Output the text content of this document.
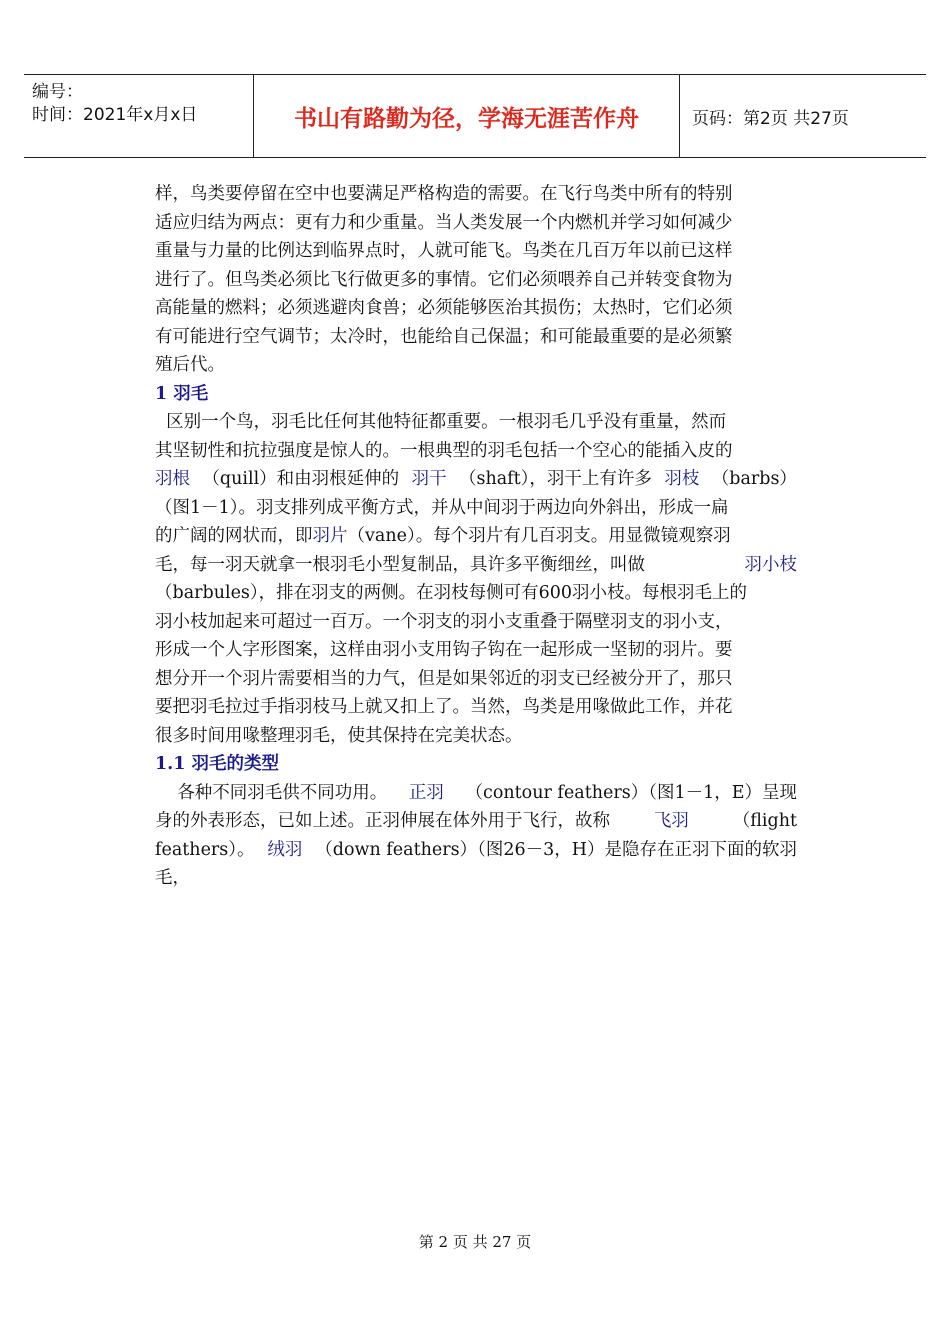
编号：
时间：2021年x月x日	书山有路勤为径，学海无涯苦作舟	页码：第2页 共27页
样，鸟类要停留在空中也要满足严格构造的需要。在飞行鸟类中所有的特别
适应归结为两点：更有力和少重量。当人类发展一个内燃机并学习如何减少
重量与力量的比例达到临界点时，人就可能飞。鸟类在几百万年以前已这样
进行了。但鸟类必须比飞行做更多的事情。它们必须喂养自己并转变食物为
高能量的燃料；必须逃避肉食兽；必须能够医治其损伤；太热时，它们必须
有可能进行空气调节；太冷时，也能给自己保温；和可能最重要的是必须繁
殖后代。
1 羽毛
区别一个鸟，羽毛比任何其他特征都重要。一根羽毛几乎没有重量，然而
其坚韧性和抗拉强度是惊人的。一根典型的羽毛包括一个空心的能插入皮的
羽根 （quill）和由羽根延伸的 羽干 （shaft），羽干上有许多 羽枝 （barbs）
（图1－1）。羽支排列成平衡方式，并从中间羽于两边向外斜出，形成一扁
的广阔的网状而，即 羽片 （vane）。每个羽片有几百羽支。用显微镜观察羽
毛，每一羽天就拿一根羽毛小型复制品，具许多平衡细丝，叫做	羽小枝
（barbules），排在羽支的两侧。在羽枝每侧可有600羽小枝。每根羽毛上的
羽小枝加起来可超过一百万。一个羽支的羽小支重叠于隔壁羽支的羽小支，
形成一个人字形图案，这样由羽小支用钩子钩在一起形成一坚韧的羽片。要
想分开一个羽片需要相当的力气，但是如果邻近的羽支已经被分开了，那只
要把羽毛拉过手指羽枝马上就又扣上了。当然，鸟类是用喙做此工作，并花
很多时间用喙整理羽毛，使其保持在完美状态。
1.1 羽毛的类型
各种不同羽毛供不同功用。 正羽 （contour feathers）（图1－1，E）呈现
身的外表形态，已如上述。正羽伸展在体外用于飞行，故称	飞羽	（flight
feathers）。 绒羽 （down feathers）（图26－3，H）是隐存在正羽下面的软羽
毛，
第 2 页 共 27 页
